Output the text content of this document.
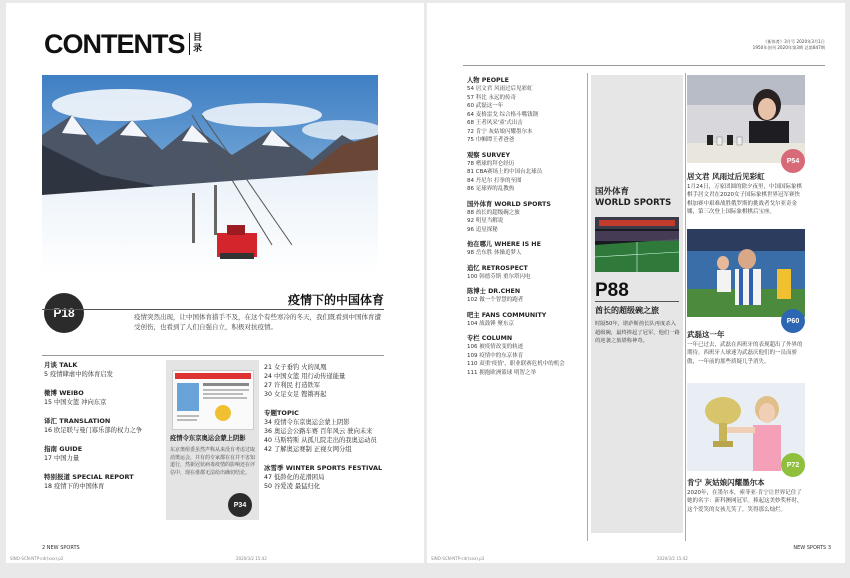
CONTENTS 目录
P18
疫情下的中国体育
疫情突然出现，让中国体育措手不及，在这个有些寒冷的冬天，我们既看到中国体育遭受创伤，也看到了人们自强自立，积极对抗疫情。
月谈 TALK
5 疫情肆虐中的体育启发
微博 WEIBO
15 中国女篮 冲向东京
译汇 TRANSLATION
16 欧足联与曼门寡乐部的权力之争
指南 GUIDE
17 中国力量
特别报道 SPECIAL REPORT
18 疫情下的中国体育
疫情令东京奥运会蒙上阴影
东京奥组委虽然声称从来没有考虑过取消奥运会，并有的专家都在有并不害知道行，然新冠状病毒疫情的影响还在评估中，现在谁都无法给出确切结论。
P34
21 女子垂钓 火的凤凰
24 中国女篮 用行动传递能量
27 许利民 打造铁军
30 女足女足 铿锵再起
专题TOPIC
34 疫情令东京奥运会蒙上阴影
36 奥运会公路车赛 百年风云 驶向未来
40 马斯特斯 从孤儿院走出的我奥运动员
42 了解奥运赛制 正视女网分组
冰雪季 WINTER SPORTS FESTIVAL
47 低龄化的花滑困局
50 谷爱凌 最猛归化
2 NEW SPORTS
SINO-SCN-NTP-cdr(xxx).p2	2020/3/2 15:42
《新体育》3月号 2020年3月1日
1950年创刊 2020年第3期 总第847期
人物 PEOPLE
54 居文君 风雨过后见彩虹
57 科比 永远的传奇
60 武磊这一年
64 麦格雷戈 综合格斗嘴钱钢
68 王者风采'童'式出击
72 肯宁 灰姑娘闪耀墨尔本
75 巾帼谭王者爸爸
观察 SURVEY
78 嗜球的拜仑经历
81 CBA赛场上的中国台北球员
84 丹尼尔 打拳的至图
86 足球界的乱教热
国外体育 WORLD SPORTS
88 酋长的超级碗之旅
92 明星当解说
96 追星探秘
他在哪儿 WHERE IS HE
98 岳东胜 体操追梦人
追忆 RETROSPECT
100 韩德芬斯 重尔塔闪电
陈博士 DR.CHEN
102 做一个智慧的跑者
吧主 FANS COMMUNITY
104 战鼓锤 聚东京
专栏 COLUMN
106 被疫情改变的轨迹
109 疫情中的东京体育
110 双重'疫情'，职业联赛危机中的机会
111 拥抱欧洲篮球 明智之举
国外体育
WORLD SPORTS
P88
酋长的超级碗之旅
时隔50年，堪萨斯酋长队再度杀入超级碗，最终捧起了冠军，他们一路的逆袭之旅堪称神奇。
P54
居文君 风雨过后见彩虹
1月24日，万家团圆的除夕夜里，中国国际象棋棋手居文君在2020女子国际象棋世界冠军赛快棋加赛中艰难战胜俄罗斯的挑战者戈尔亚奇金娜，第三次登上国际象棋棋后宝座。
P60
武磊这一年
一年已过去，武磊在西班牙的表现超出了外界的期待。西班牙人球迷为武磊庆他们的一员而骄傲，一年前的那些质疑几乎消失。
P72
肯宁 灰姑娘闪耀墨尔本
2020年，在墨尔本，索菲亚·肯宁让世界记住了她的名字：新科澳网冠军。捧起这美妙奖杯时，这个爱笑的女孩儿笑了，笑得那么灿烂。
NEW SPORTS 3
SINO-SCN-NTP-cdr(xxx).p3	2020/3/2 15:42
